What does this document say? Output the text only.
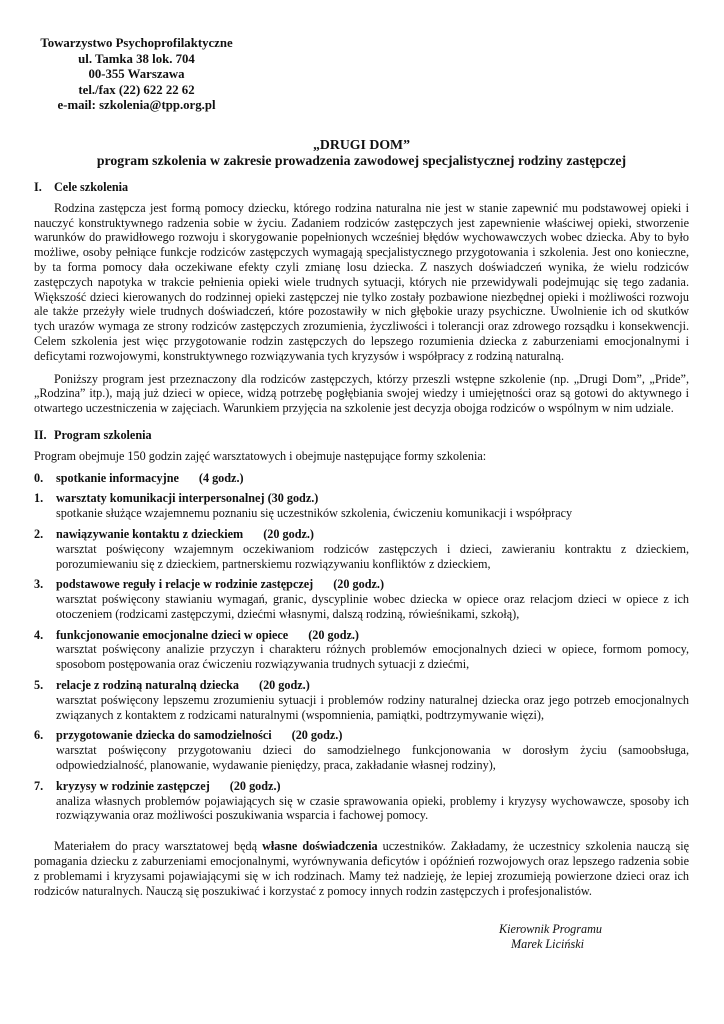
Towarzystwo Psychoprofilaktyczne
ul. Tamka 38 lok. 704
00-355 Warszawa
tel./fax (22) 622 22 62
e-mail: szkolenia@tpp.org.pl
„DRUGI DOM”
program szkolenia w zakresie prowadzenia zawodowej specjalistycznej rodziny zastępczej
I.	Cele szkolenia

Rodzina zastępcza jest formą pomocy dziecku, którego rodzina naturalna nie jest w stanie zapewnić mu podstawowej opieki i nauczyć konstruktywnego radzenia sobie w życiu. Zadaniem rodziców zastępczych jest zapewnienie właściwej opieki, stworzenie warunków do prawidłowego rozwoju i skorygowanie popełnionych wcześniej błędów wychowawczych wobec dziecka. Aby to było możliwe, osoby pełniące funkcje rodziców zastępczych wymagają specjalistycznego przygotowania i szkolenia. Jest ono konieczne, by ta forma pomocy dała oczekiwane efekty czyli zmianę losu dziecka. Z naszych doświadczeń wynika, że wielu rodziców zastępczych napotyka w trakcie pełnienia opieki wiele trudnych sytuacji, których nie przewidywali podejmując się tego zadania. Większość dzieci kierowanych do rodzinnej opieki zastępczej nie tylko zostały pozbawione niezbędnej opieki i możliwości rozwoju ale także przeżyły wiele trudnych doświadczeń, które pozostawiły w nich głębokie urazy psychiczne. Uwolnienie ich od skutków tych urazów wymaga ze strony rodziców zastępczych zrozumienia, życzliwości i tolerancji oraz zdrowego rozsądku i konsekwencji. Celem szkolenia jest więc przygotowanie rodzin zastępczych do lepszego rozumienia dziecka z zaburzeniami emocjonalnymi i deficytami rozwojowymi, konstruktywnego rozwiązywania tych kryzysów i współpracy z rodziną naturalną.

Poniższy program jest przeznaczony dla rodziców zastępczych, którzy przeszli wstępne szkolenie (np. „Drugi Dom”, „Pride”, „Rodzina” itp.), mają już dzieci w opiece, widzą potrzebę pogłębiania swojej wiedzy i umiejętności oraz są gotowi do aktywnego i otwartego uczestniczenia w zajęciach. Warunkiem przyjęcia na szkolenie jest decyzja obojga rodziców o wspólnym w nim udziale.

II. Program szkolenia

Program obejmuje 150 godzin zajęć warsztatowych i obejmuje następujące formy szkolenia:

0.	spotkanie informacyjne (4 godz.)
1.	warsztaty komunikacji interpersonalnej (30 godz.)
spotkanie służące wzajemnemu poznaniu się uczestników szkolenia, ćwiczeniu komunikacji i współpracy
2.	nawiązywanie kontaktu z dzieckiem (20 godz.)
warsztat poświęcony wzajemnym oczekiwaniom rodziców zastępczych i dzieci, zawieraniu kontraktu z dzieckiem, porozumiewaniu się z dzieckiem, partnerskiemu rozwiązywaniu konfliktów z dzieckiem,
3.	podstawowe reguły i relacje w rodzinie zastępczej (20 godz.)
warsztat poświęcony stawianiu wymagań, granic, dyscyplinie wobec dziecka w opiece oraz relacjom dzieci w opiece z ich otoczeniem (rodzicami zastępczymi, dziećmi własnymi, dalszą rodziną, rówieśnikami, szkołą),
4.	funkcjonowanie emocjonalne dzieci w opiece (20 godz.)
warsztat poświęcony analizie przyczyn i charakteru różnych problemów emocjonalnych dzieci w opiece, formom pomocy, sposobom postępowania oraz ćwiczeniu rozwiązywania trudnych sytuacji z dziećmi,
5.	relacje z rodziną naturalną dziecka (20 godz.)
warsztat poświęcony lepszemu zrozumieniu sytuacji i problemów rodziny naturalnej dziecka oraz jego potrzeb emocjonalnych związanych z kontaktem z rodzicami naturalnymi (wspomnienia, pamiątki, podtrzymywanie więzi),
6.	przygotowanie dziecka do samodzielności (20 godz.)
warsztat poświęcony przygotowaniu dzieci do samodzielnego funkcjonowania w dorosłym życiu (samoobsługa, odpowiedzialność, planowanie, wydawanie pieniędzy, praca, zakładanie własnej rodziny),
7.	kryzysy w rodzinie zastępczej (20 godz.)
analiza własnych problemów pojawiających się w czasie sprawowania opieki, problemy i kryzysy wychowawcze, sposoby ich rozwiązywania oraz możliwości poszukiwania wsparcia i fachowej pomocy.

Materiałem do pracy warsztatowej będą własne doświadczenia uczestników. Zakładamy, że uczestnicy szkolenia nauczą się pomagania dziecku z zaburzeniami emocjonalnymi, wyrównywania deficytów i opóźnień rozwojowych oraz lepszego radzenia sobie z problemami i kryzysami pojawiającymi się w ich rodzinach. Mamy też nadzieję, że lepiej zrozumieją powierzone dzieci oraz ich rodziców naturalnych. Nauczą się poszukiwać i korzystać z pomocy innych rodzin zastępczych i profesjonalistów.

Kierownik Programu
Marek Liciński
